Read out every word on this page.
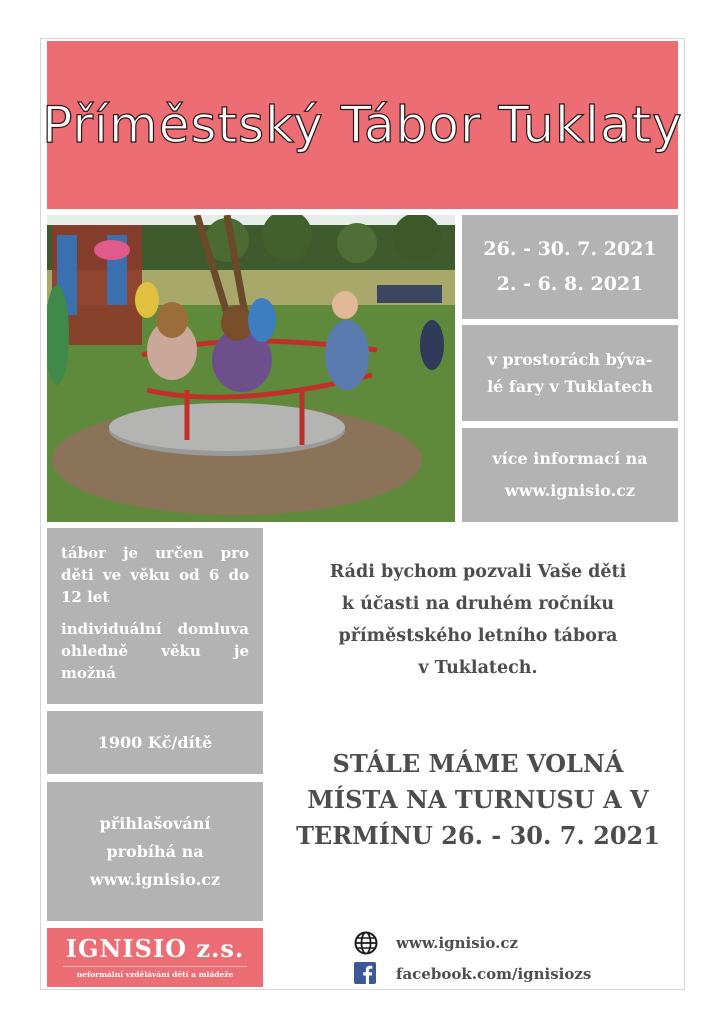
Příměstský Tábor Tuklaty
26. - 30. 7. 2021
2. - 6. 8. 2021
v prostorách býva-
lé fary v Tuklatech
více informací na
www.ignisio.cz

tábor je určen pro děti ve věku od 6 do 12 let

individuální domluva ohledně věku je možná

1900 Kč/dítě
přihlašování
probíhá na
www.ignisio.cz
IGNISIO z.s.
neformální vzdělávání dětí a mládeže
Rádi bychom pozvali Vaše děti
k účasti na druhém ročníku
příměstského letního tábora
v Tuklatech.
STÁLE MÁME VOLNÁ
MÍSTA NA TURNUSU A V
TERMÍNU 26. - 30. 7. 2021
www.ignisio.cz
facebook.com/ignisiozs
